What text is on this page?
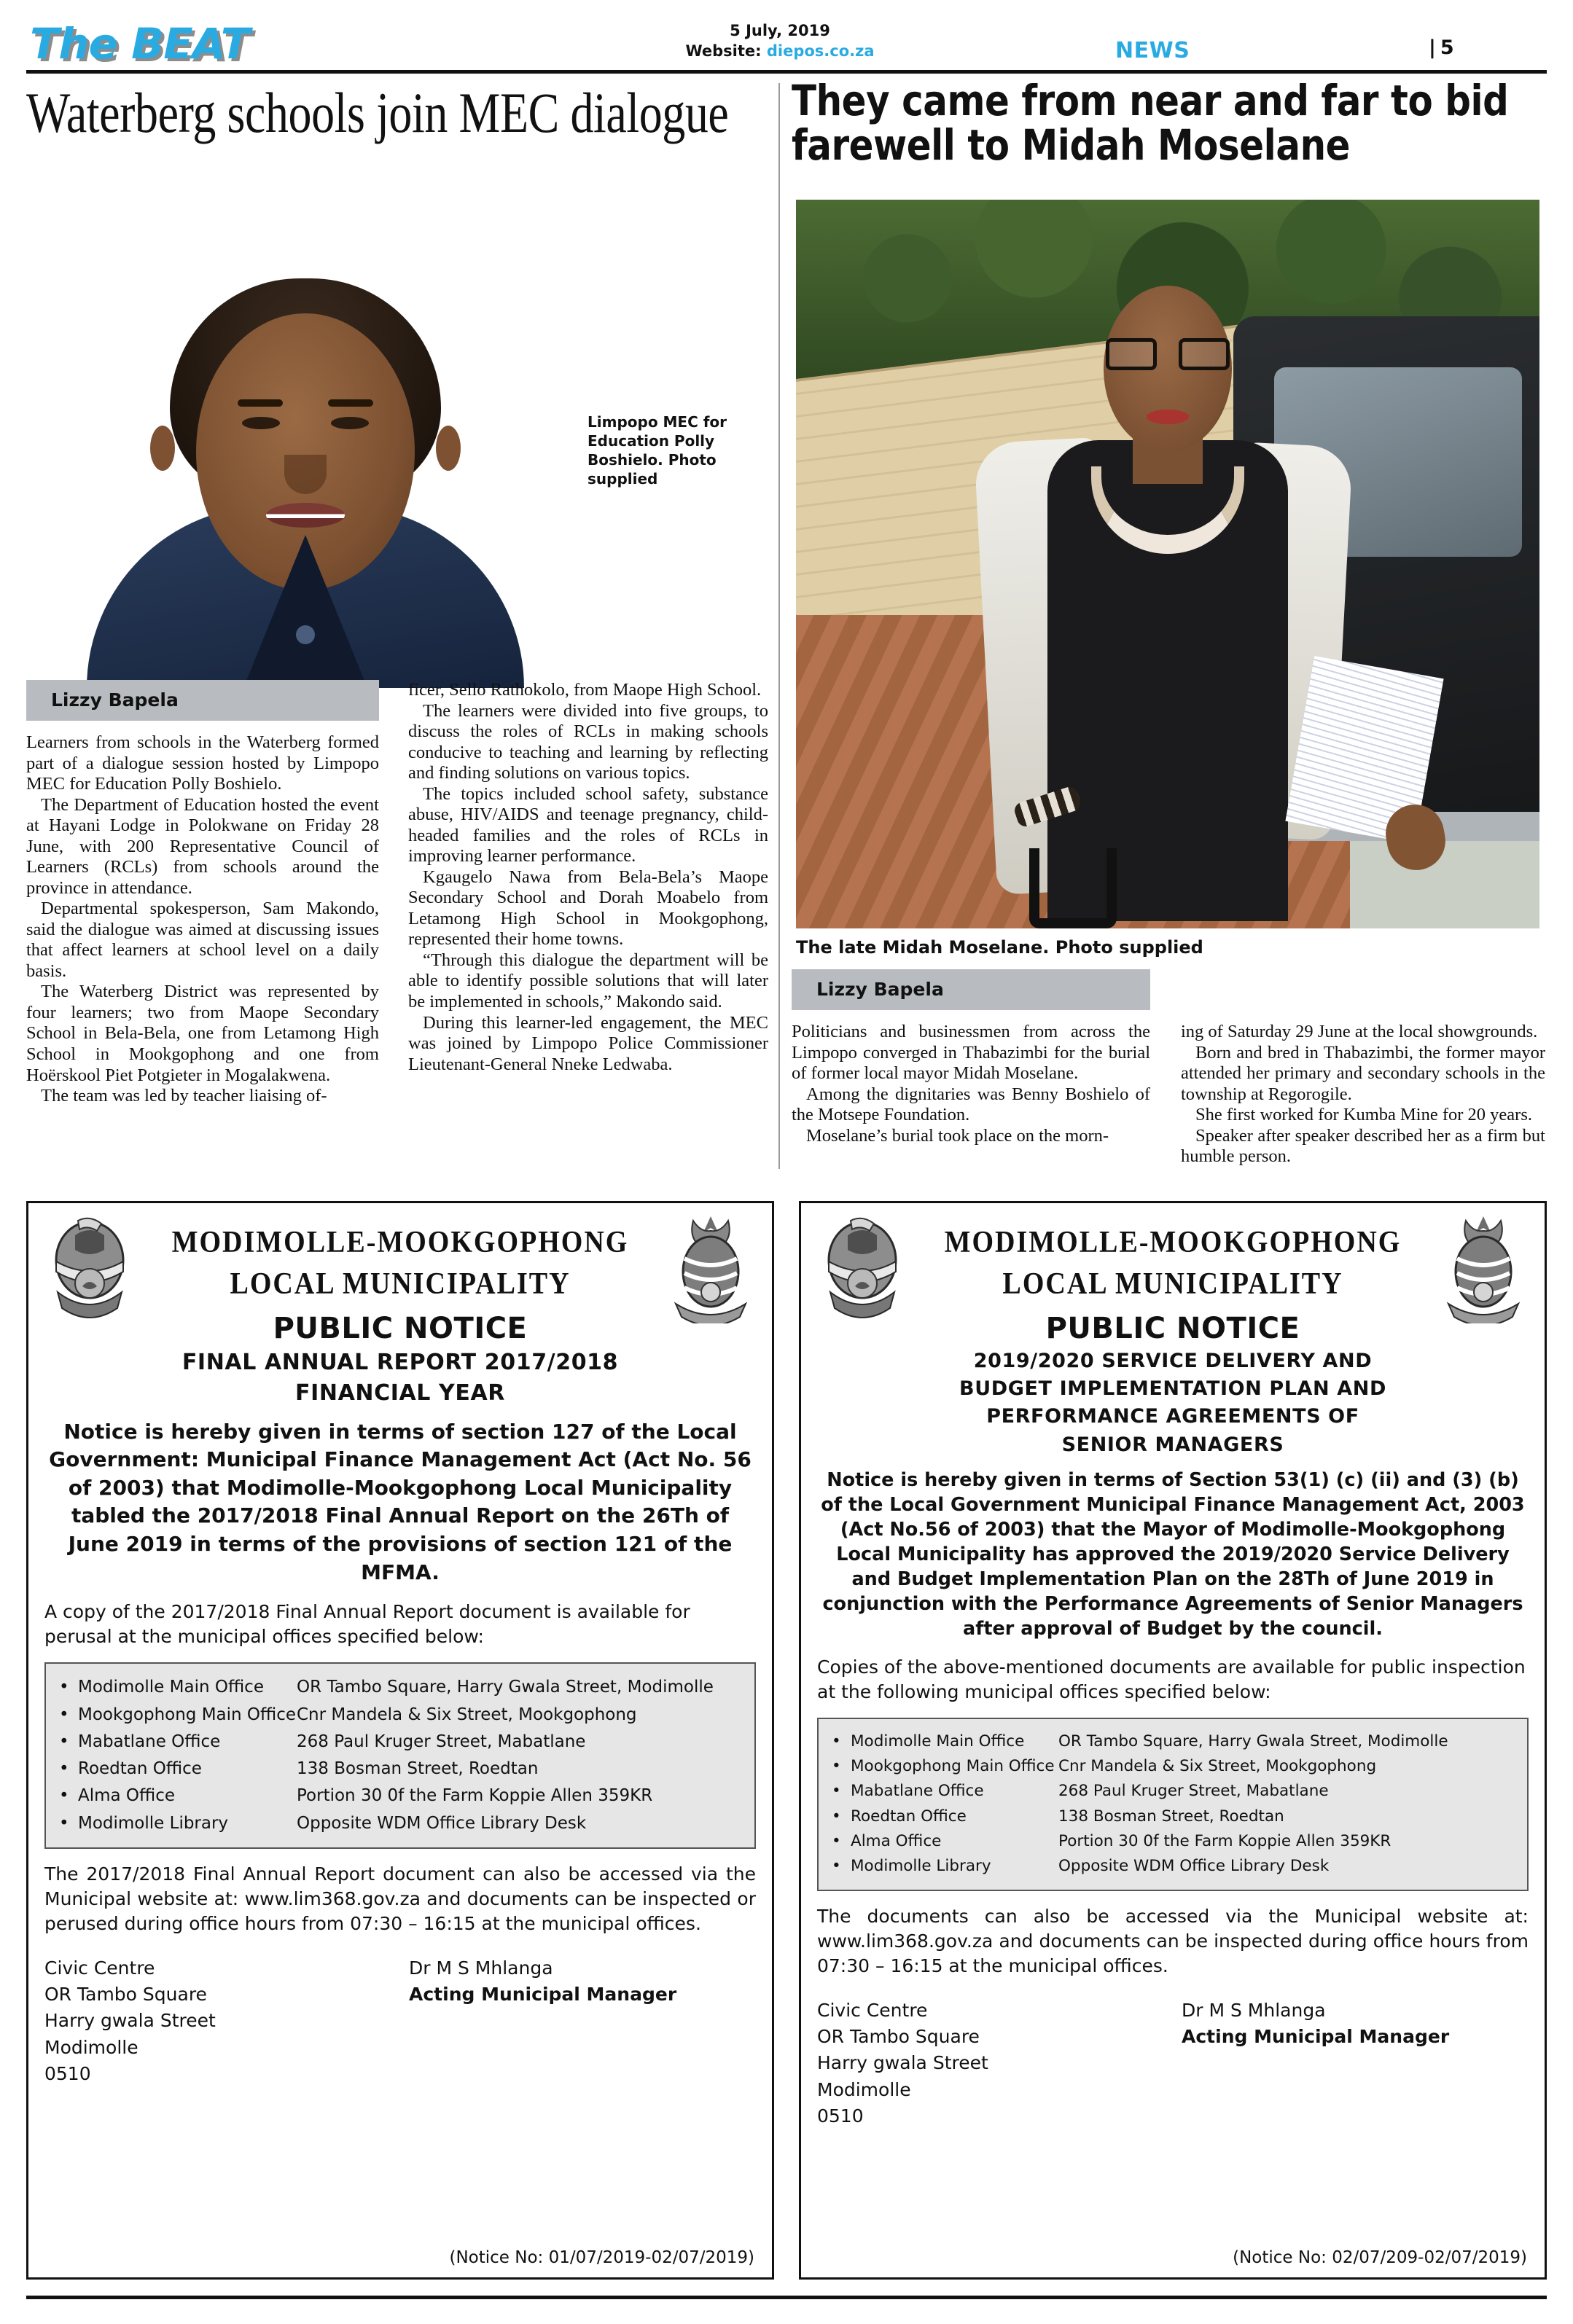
The BEAT	5 July, 2019
Website: diepos.co.za	NEWS	| 5
Waterberg schools join MEC dialogue
Limpopo MEC for Education Polly Boshielo. Photo supplied
Lizzy Bapela

Learners from schools in the Waterberg formed part of a dialogue session hosted by Limpopo MEC for Education Polly Boshielo.

The Department of Education hosted the event at Hayani Lodge in Polokwane on Friday 28 June, with 200 Representative Council of Learners (RCLs) from schools around the province in attendance.

Departmental spokesperson, Sam Makondo, said the dialogue was aimed at discussing issues that affect learners at school level on a daily basis.

The Waterberg District was represented by four learners; two from Maope Secondary School in Bela-Bela, one from Letamong High School in Mookgophong and one from Hoërskool Piet Potgieter in Mogalakwena.

The team was led by teacher liaising of-

ficer, Sello Rathokolo, from Maope High School.

The learners were divided into five groups, to discuss the roles of RCLs in making schools conducive to teaching and learning by reflecting and finding solutions on various topics.

The topics included school safety, substance abuse, HIV/AIDS and teenage pregnancy, child-headed families and the roles of RCLs in improving learner performance.

Kgaugelo Nawa from Bela-Bela’s Maope Secondary School and Dorah Moabelo from Letamong High School in Mookgophong, represented their home towns.

“Through this dialogue the department will be able to identify possible solutions that will later be implemented in schools,” Makondo said.

During this learner-led engagement, the MEC was joined by Limpopo Police Commissioner Lieutenant-General Nneke Ledwaba.

They came from near and far to bid farewell to Midah Moselane
The late Midah Moselane. Photo supplied
Lizzy Bapela

Politicians and businessmen from across the Limpopo converged in Thabazimbi for the burial of former local mayor Midah Moselane.

Among the dignitaries was Benny Boshielo of the Motsepe Foundation.

Moselane’s burial took place on the morn-

ing of Saturday 29 June at the local showgrounds.

Born and bred in Thabazimbi, the former mayor attended her primary and secondary schools in the township at Regorogile.

She first worked for Kumba Mine for 20 years.

Speaker after speaker described her as a firm but humble person.

MODIMOLLE-MOOKGOPHONG
LOCAL MUNICIPALITY
PUBLIC NOTICE
FINAL ANNUAL REPORT 2017/2018
FINANCIAL YEAR
Notice is hereby given in terms of section 127 of the Local Government: Municipal Finance Management Act (Act No. 56 of 2003) that Modimolle-Mookgophong Local Municipality tabled the 2017/2018 Final Annual Report on the 26Th of June 2019 in terms of the provisions of section 121 of the MFMA.
A copy of the 2017/2018 Final Annual Report document is available for perusal at the municipal offices specified below:
• Modimolle Main Office	OR Tambo Square, Harry Gwala Street, Modimolle
• Mookgophong Main Office Cnr Mandela & Six Street, Mookgophong
• Mabatlane Office	268 Paul Kruger Street, Mabatlane
• Roedtan Office	138 Bosman Street, Roedtan
• Alma Office	Portion 30 0f the Farm Koppie Allen 359KR
• Modimolle Library	Opposite WDM Office Library Desk
The 2017/2018 Final Annual Report document can also be accessed via the Municipal website at: www.lim368.gov.za and documents can be inspected or perused during office hours from 07:30 – 16:15 at the municipal offices.
Civic Centre
OR Tambo Square
Harry gwala Street
Modimolle
0510
Dr M S Mhlanga
Acting Municipal Manager
(Notice No: 01/07/2019-02/07/2019)
MODIMOLLE-MOOKGOPHONG
LOCAL MUNICIPALITY
PUBLIC NOTICE
2019/2020 SERVICE DELIVERY AND
BUDGET IMPLEMENTATION PLAN AND
PERFORMANCE AGREEMENTS OF
SENIOR MANAGERS
Notice is hereby given in terms of Section 53(1) (c) (ii) and (3) (b) of the Local Government Municipal Finance Management Act, 2003 (Act No.56 of 2003) that the Mayor of Modimolle-Mookgophong Local Municipality has approved the 2019/2020 Service Delivery and Budget Implementation Plan on the 28Th of June 2019 in conjunction with the Performance Agreements of Senior Managers after approval of Budget by the council.
Copies of the above-mentioned documents are available for public inspection at the following municipal offices specified below:
• Modimolle Main Office	OR Tambo Square, Harry Gwala Street, Modimolle
• Mookgophong Main Office Cnr Mandela & Six Street, Mookgophong
• Mabatlane Office	268 Paul Kruger Street, Mabatlane
• Roedtan Office	138 Bosman Street, Roedtan
• Alma Office	Portion 30 0f the Farm Koppie Allen 359KR
• Modimolle Library	Opposite WDM Office Library Desk
The documents can also be accessed via the Municipal website at: www.lim368.gov.za and documents can be inspected during office hours from 07:30 – 16:15 at the municipal offices.
Civic Centre
OR Tambo Square
Harry gwala Street
Modimolle
0510
Dr M S Mhlanga
Acting Municipal Manager
(Notice No: 02/07/209-02/07/2019)
